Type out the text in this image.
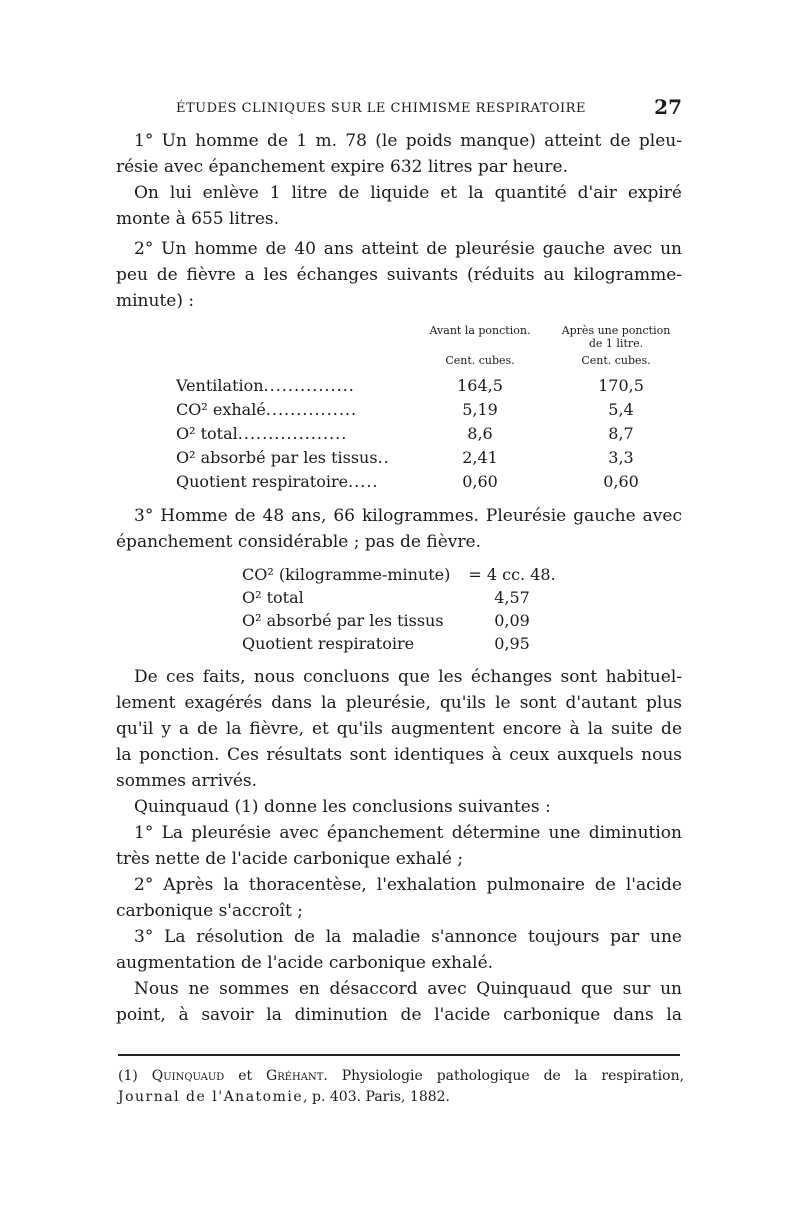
ÉTUDES CLINIQUES SUR LE CHIMISME RESPIRATOIRE	27
1° Un homme de 1 m. 78 (le poids manque) atteint de pleu-
résie avec épanchement expire 632 litres par heure.
On lui enlève 1 litre de liquide et la quantité d'air expiré
monte à 655 litres.
2° Un homme de 40 ans atteint de pleurésie gauche avec un
peu de fièvre a les échanges suivants (réduits au kilogramme-
minute) :
Avant la ponction.	Après une ponction
de 1 litre.
Cent. cubes.	Cent. cubes.
Ventilation...............	164,5	170,5
CO² exhalé...............	5,19	5,4
O² total..................	8,6	8,7
O² absorbé par les tissus..	2,41	3,3
Quotient respiratoire.....	0,60	0,60
3° Homme de 48 ans, 66 kilogrammes. Pleurésie gauche avec
épanchement considérable ; pas de fièvre.
CO² (kilogramme-minute) = 4 cc. 48.
O² total	4,57
O² absorbé par les tissus	0,09
Quotient respiratoire	0,95
De ces faits, nous concluons que les échanges sont habituel-
lement exagérés dans la pleurésie, qu'ils le sont d'autant plus
qu'il y a de la fièvre, et qu'ils augmentent encore à la suite de
la ponction. Ces résultats sont identiques à ceux auxquels nous
sommes arrivés.
Quinquaud (1) donne les conclusions suivantes :
1° La pleurésie avec épanchement détermine une diminution
très nette de l'acide carbonique exhalé ;
2° Après la thoracentèse, l'exhalation pulmonaire de l'acide
carbonique s'accroît ;
3° La résolution de la maladie s'annonce toujours par une
augmentation de l'acide carbonique exhalé.
Nous ne sommes en désaccord avec Quinquaud que sur un
point, à savoir la diminution de l'acide carbonique dans la
(1) Quinquaud et Gréhant. Physiologie pathologique de la respiration,
Journal de l'Anatomie, p. 403. Paris, 1882.
